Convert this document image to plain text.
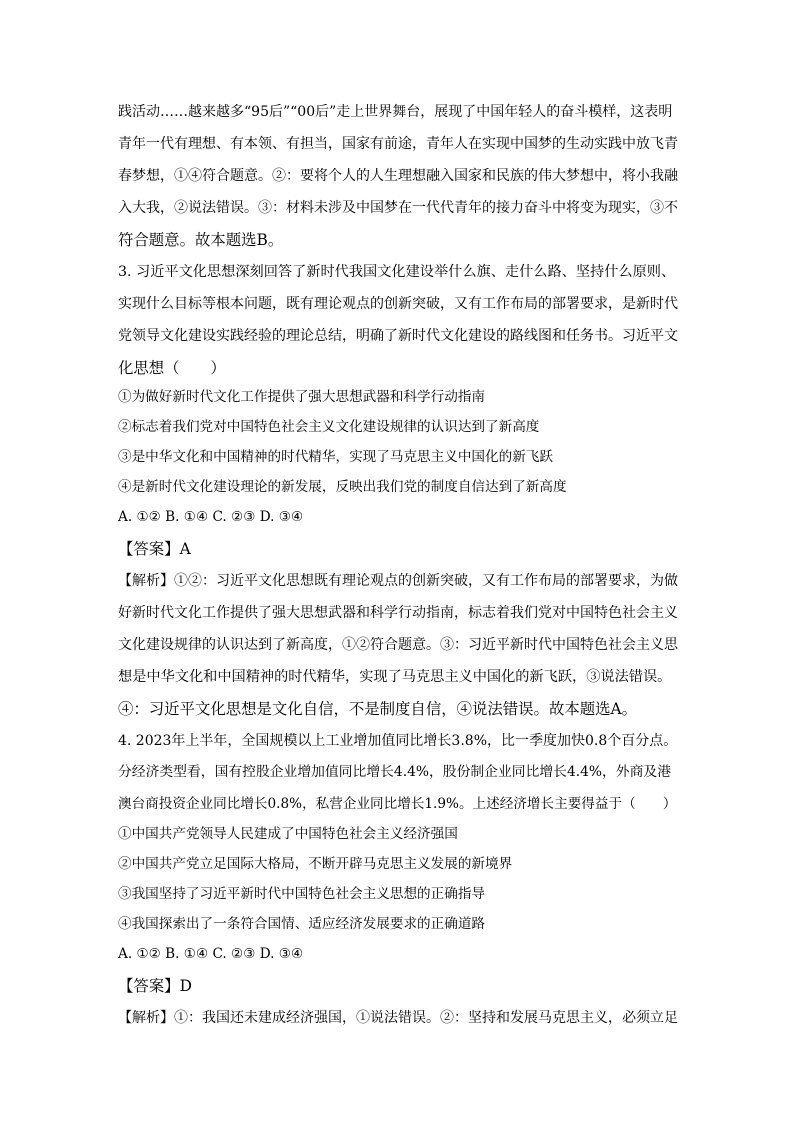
践活动……越来越多“95后”“00后”走上世界舞台，展现了中国年轻人的奋斗模样，这表明
青年一代有理想、有本领、有担当，国家有前途，青年人在实现中国梦的生动实践中放飞青
春梦想，①④符合题意。②：要将个人的人生理想融入国家和民族的伟大梦想中，将小我融
入大我，②说法错误。③：材料未涉及中国梦在一代代青年的接力奋斗中将变为现实，③不
符合题意。故本题选B。
3. 习近平文化思想深刻回答了新时代我国文化建设举什么旗、走什么路、坚持什么原则、
实现什么目标等根本问题，既有理论观点的创新突破，又有工作布局的部署要求，是新时代
党领导文化建设实践经验的理论总结，明确了新时代文化建设的路线图和任务书。习近平文
化思想（　　）
①为做好新时代文化工作提供了强大思想武器和科学行动指南
②标志着我们党对中国特色社会主义文化建设规律的认识达到了新高度
③是中华文化和中国精神的时代精华，实现了马克思主义中国化的新飞跃
④是新时代文化建设理论的新发展，反映出我们党的制度自信达到了新高度
A. ①② B. ①④ C. ②③ D. ③④
【答案】A
【解析】①②：习近平文化思想既有理论观点的创新突破，又有工作布局的部署要求，为做
好新时代文化工作提供了强大思想武器和科学行动指南，标志着我们党对中国特色社会主义
文化建设规律的认识达到了新高度，①②符合题意。③：习近平新时代中国特色社会主义思
想是中华文化和中国精神的时代精华，实现了马克思主义中国化的新飞跃，③说法错误。
④：习近平文化思想是文化自信，不是制度自信，④说法错误。故本题选A。
4. 2023年上半年，全国规模以上工业增加值同比增长3.8%，比一季度加快0.8个百分点。
分经济类型看，国有控股企业增加值同比增长4.4%，股份制企业同比增长4.4%，外商及港
澳台商投资企业同比增长0.8%，私营企业同比增长1.9%。上述经济增长主要得益于（　　）
①中国共产党领导人民建成了中国特色社会主义经济强国
②中国共产党立足国际大格局，不断开辟马克思主义发展的新境界
③我国坚持了习近平新时代中国特色社会主义思想的正确指导
④我国探索出了一条符合国情、适应经济发展要求的正确道路
A. ①② B. ①④ C. ②③ D. ③④
【答案】D
【解析】①：我国还未建成经济强国，①说法错误。②：坚持和发展马克思主义，必须立足
